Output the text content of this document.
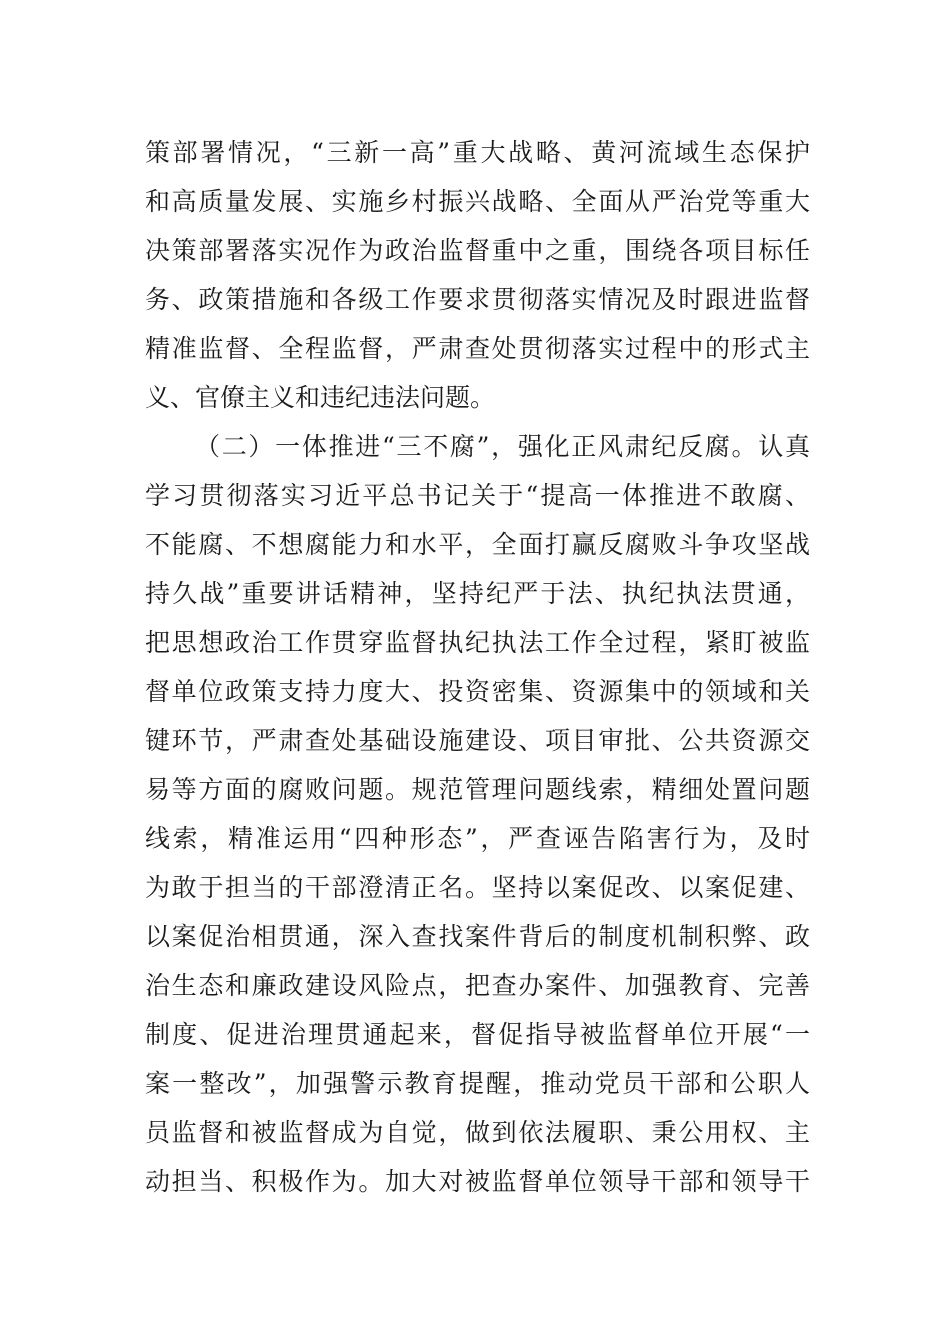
策部署情况，“三新一高”重大战略、黄河流域生态保护
和高质量发展、实施乡村振兴战略、全面从严治党等重大
决策部署落实况作为政治监督重中之重，围绕各项目标任
务、政策措施和各级工作要求贯彻落实情况及时跟进监督
精准监督、全程监督，严肃查处贯彻落实过程中的形式主
义、官僚主义和违纪违法问题。
（二）一体推进“三不腐”，强化正风肃纪反腐。认真
学习贯彻落实习近平总书记关于“提高一体推进不敢腐、
不能腐、不想腐能力和水平，全面打赢反腐败斗争攻坚战
持久战”重要讲话精神，坚持纪严于法、执纪执法贯通，
把思想政治工作贯穿监督执纪执法工作全过程，紧盯被监
督单位政策支持力度大、投资密集、资源集中的领域和关
键环节，严肃查处基础设施建设、项目审批、公共资源交
易等方面的腐败问题。规范管理问题线索，精细处置问题
线索，精准运用“四种形态”，严查诬告陷害行为，及时
为敢于担当的干部澄清正名。坚持以案促改、以案促建、
以案促治相贯通，深入查找案件背后的制度机制积弊、政
治生态和廉政建设风险点，把查办案件、加强教育、完善
制度、促进治理贯通起来，督促指导被监督单位开展“一
案一整改”，加强警示教育提醒，推动党员干部和公职人
员监督和被监督成为自觉，做到依法履职、秉公用权、主
动担当、积极作为。加大对被监督单位领导干部和领导干
